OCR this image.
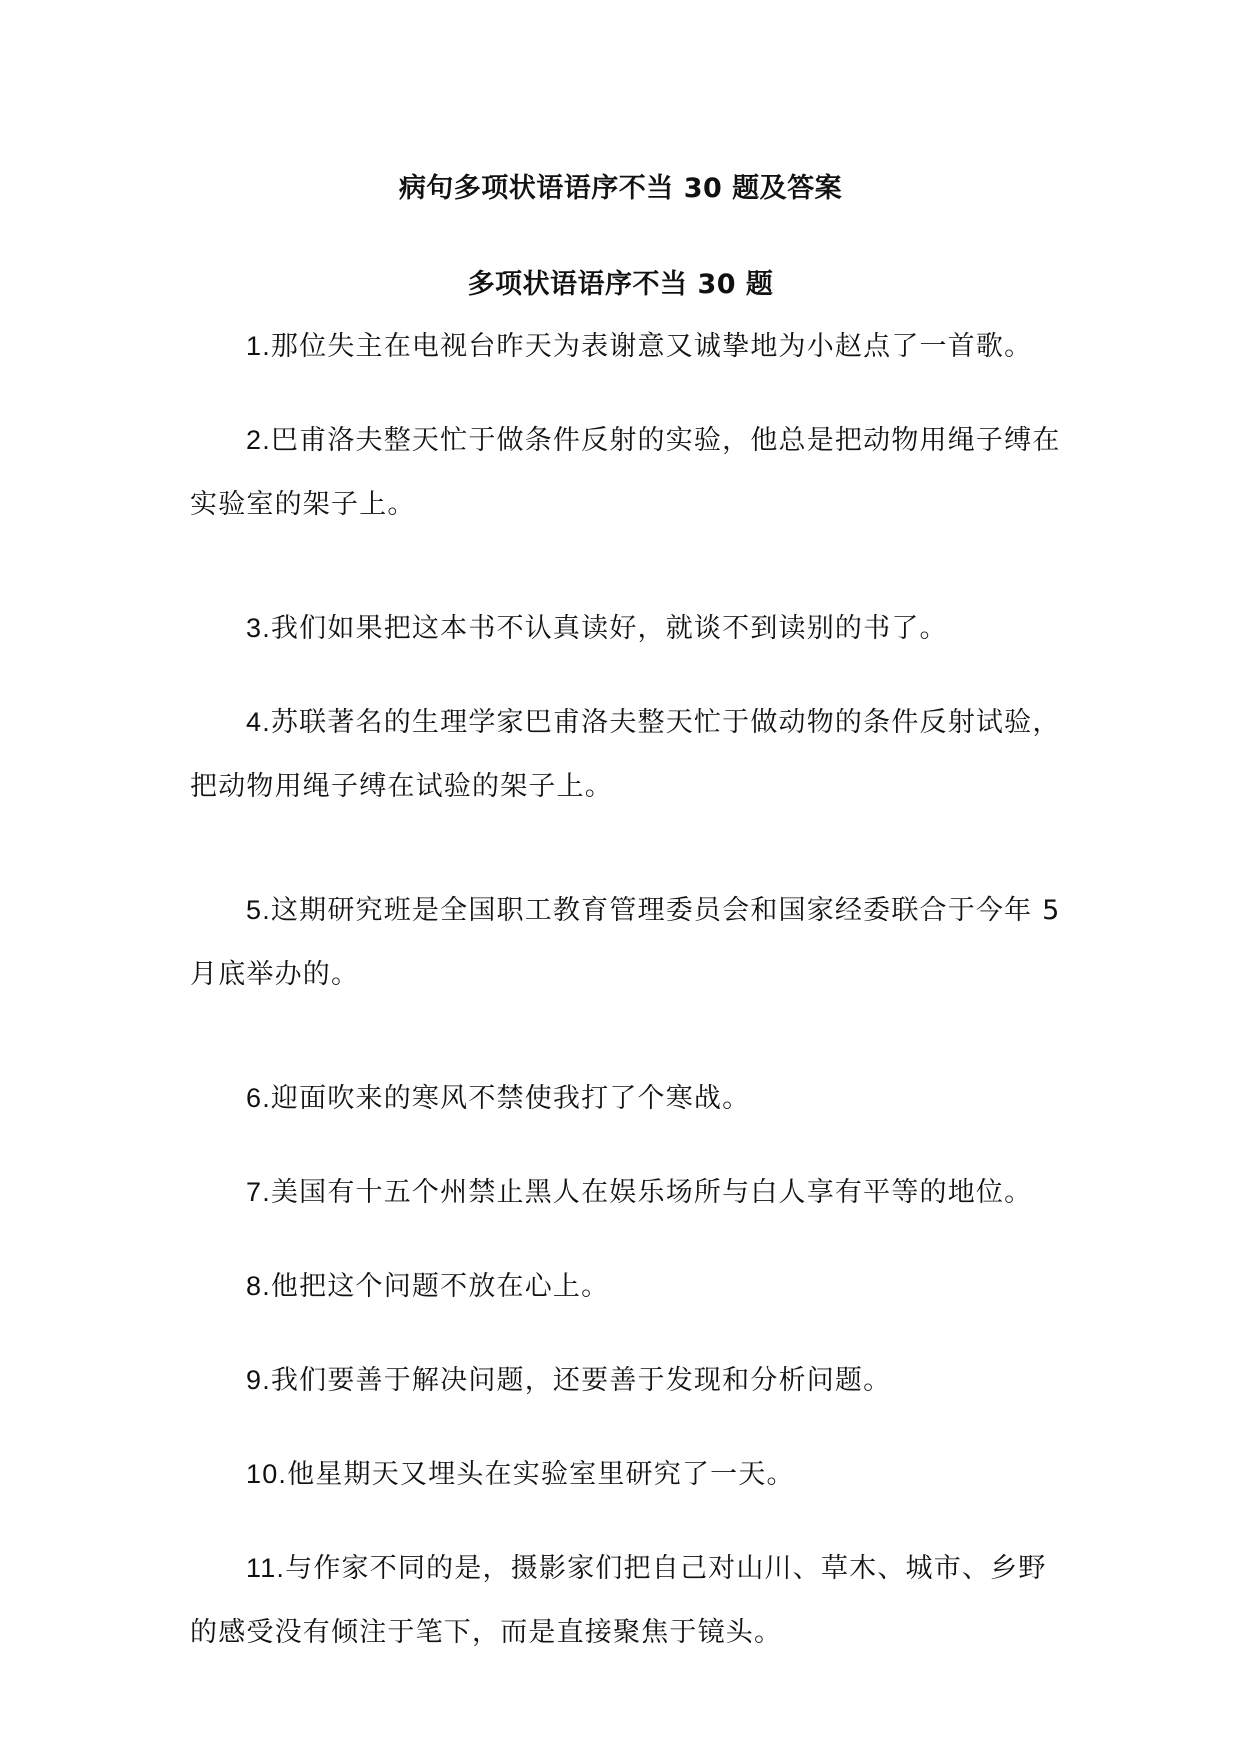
病句多项状语语序不当 30 题及答案
多项状语语序不当 30 题

1.那位失主在电视台昨天为表谢意又诚挚地为小赵点了一首歌。

2.巴甫洛夫整天忙于做条件反射的实验，他总是把动物用绳子缚在实验室的架子上。

3.我们如果把这本书不认真读好，就谈不到读别的书了。

4.苏联著名的生理学家巴甫洛夫整天忙于做动物的条件反射试验，把动物用绳子缚在试验的架子上。

5.这期研究班是全国职工教育管理委员会和国家经委联合于今年 5 月底举办的。

6.迎面吹来的寒风不禁使我打了个寒战。

7.美国有十五个州禁止黑人在娱乐场所与白人享有平等的地位。

8.他把这个问题不放在心上。

9.我们要善于解决问题，还要善于发现和分析问题。

10.他星期天又埋头在实验室里研究了一天。

11.与作家不同的是，摄影家们把自己对山川、草木、城市、乡野的感受没有倾注于笔下，而是直接聚焦于镜头。
